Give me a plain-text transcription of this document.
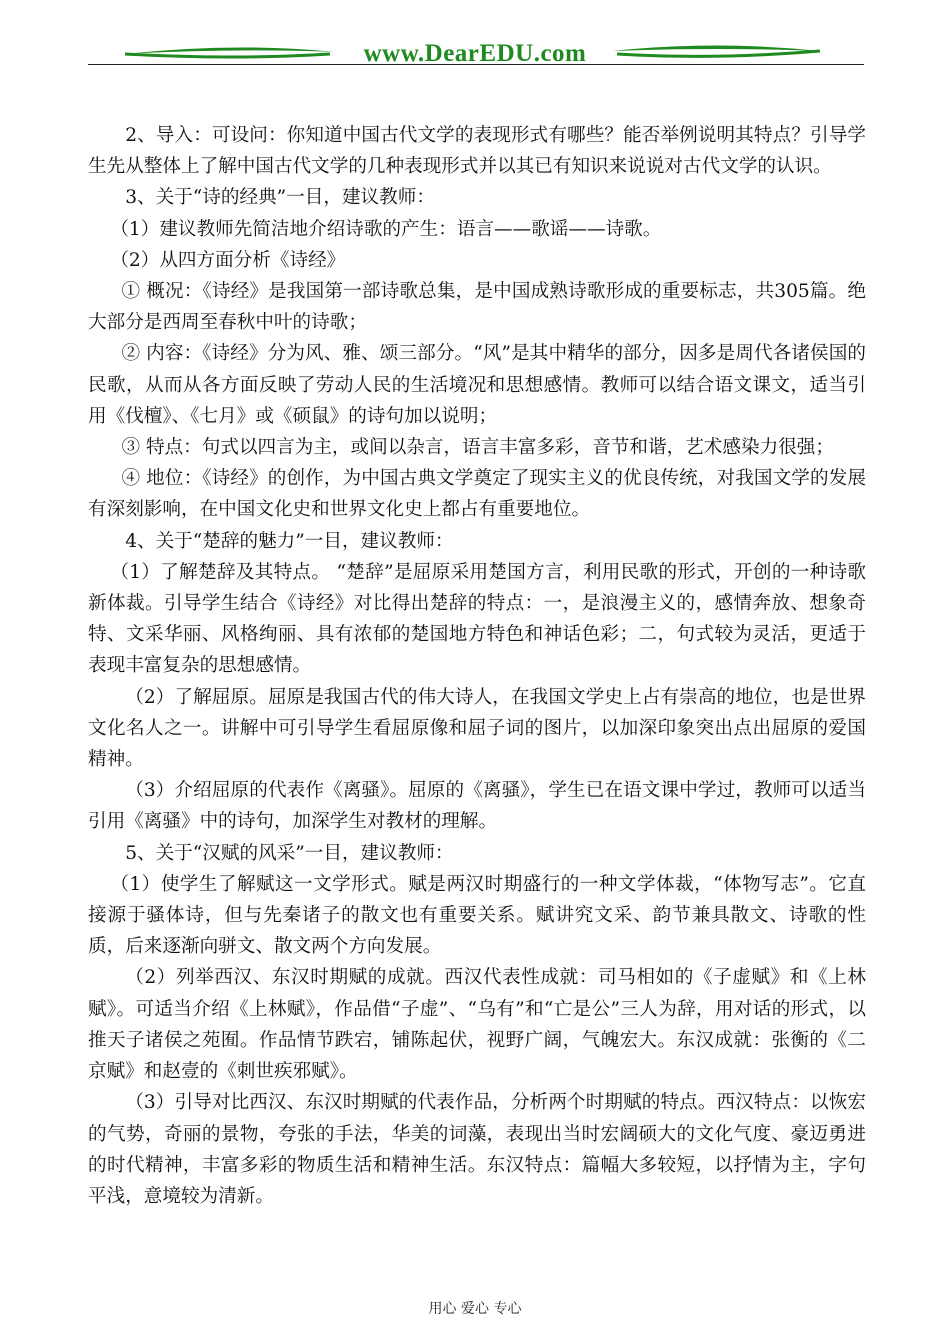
www.DearEDU.com

2、导入：可设问：你知道中国古代文学的表现形式有哪些？能否举例说明其特点？引导学生先从整体上了解中国古代文学的几种表现形式并以其已有知识来说说对古代文学的认识。

3、关于“诗的经典”一目，建议教师：

（1）建议教师先简洁地介绍诗歌的产生：语言——歌谣——诗歌。

（2）从四方面分析《诗经》

① 概况：《诗经》是我国第一部诗歌总集，是中国成熟诗歌形成的重要标志，共305篇。绝大部分是西周至春秋中叶的诗歌；

② 内容：《诗经》分为风、雅、颂三部分。“风”是其中精华的部分，因多是周代各诸侯国的民歌，从而从各方面反映了劳动人民的生活境况和思想感情。教师可以结合语文课文，适当引用《伐檀》、《七月》或《硕鼠》的诗句加以说明；

③ 特点：句式以四言为主，或间以杂言，语言丰富多彩，音节和谐，艺术感染力很强；

④ 地位：《诗经》的创作，为中国古典文学奠定了现实主义的优良传统，对我国文学的发展有深刻影响，在中国文化史和世界文化史上都占有重要地位。

4、关于“楚辞的魅力”一目，建议教师：

（1）了解楚辞及其特点。 “楚辞”是屈原采用楚国方言，利用民歌的形式，开创的一种诗歌新体裁。引导学生结合《诗经》对比得出楚辞的特点：一，是浪漫主义的，感情奔放、想象奇特、文采华丽、风格绚丽、具有浓郁的楚国地方特色和神话色彩；二，句式较为灵活，更适于表现丰富复杂的思想感情。

（2）了解屈原。屈原是我国古代的伟大诗人，在我国文学史上占有崇高的地位，也是世界文化名人之一。讲解中可引导学生看屈原像和屈子词的图片，以加深印象突出点出屈原的爱国精神。

（3）介绍屈原的代表作《离骚》。屈原的《离骚》，学生已在语文课中学过，教师可以适当引用《离骚》中的诗句，加深学生对教材的理解。

5、关于“汉赋的风采”一目，建议教师：

（1）使学生了解赋这一文学形式。赋是两汉时期盛行的一种文学体裁，“体物写志”。它直接源于骚体诗，但与先秦诸子的散文也有重要关系。赋讲究文采、韵节兼具散文、诗歌的性质，后来逐渐向骈文、散文两个方向发展。

（2）列举西汉、东汉时期赋的成就。西汉代表性成就：司马相如的《子虚赋》和《上林赋》。可适当介绍《上林赋》，作品借“子虚”、“乌有”和“亡是公”三人为辞，用对话的形式，以推天子诸侯之苑囿。作品情节跌宕，铺陈起伏，视野广阔，气魄宏大。东汉成就：张衡的《二京赋》和赵壹的《刺世疾邪赋》。

（3）引导对比西汉、东汉时期赋的代表作品，分析两个时期赋的特点。西汉特点：以恢宏的气势，奇丽的景物，夸张的手法，华美的词藻，表现出当时宏阔硕大的文化气度、豪迈勇进的时代精神，丰富多彩的物质生活和精神生活。东汉特点：篇幅大多较短，以抒情为主，字句平浅，意境较为清新。

用心 爱心 专心
